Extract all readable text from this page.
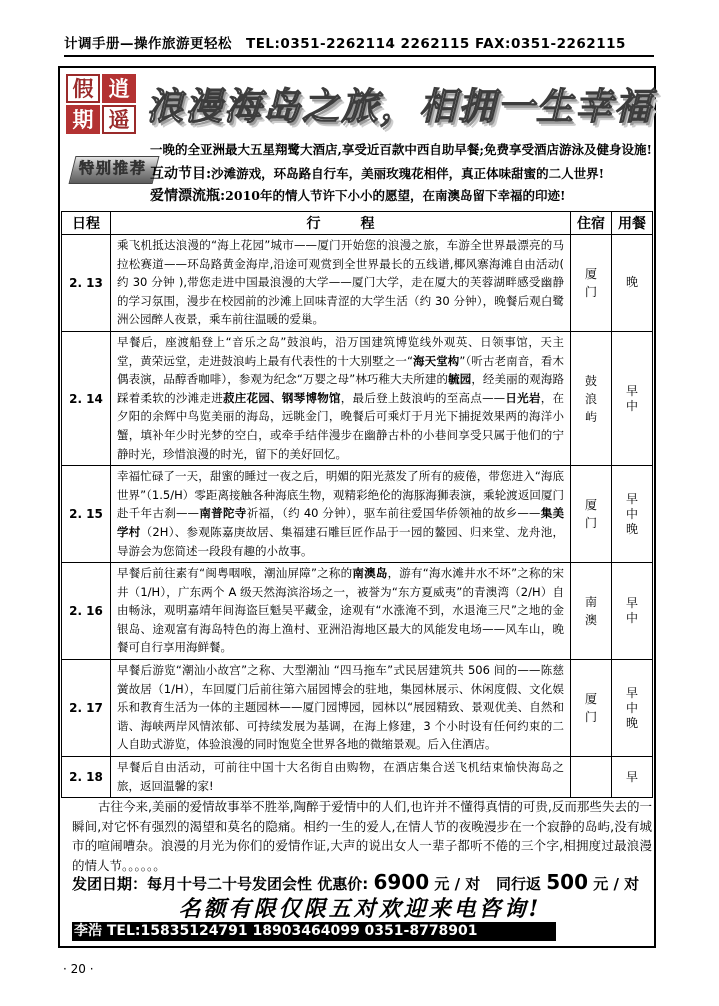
计调手册—操作旅游更轻松 TEL:0351-2262114 2262115 FAX:0351-2262115
假 逍
期 遥 浪漫海岛之旅，相拥一生幸福
特别推荐
一晚的全亚洲最大五星翔鹭大酒店,享受近百款中西自助早餐;免费享受酒店游泳及健身设施!
互动节目:沙滩游戏，环岛路自行车，美丽玫瑰花相伴，真正体味甜蜜的二人世界!
爱情漂流瓶:2010年的情人节许下小小的愿望，在南澳岛留下幸福的印迹!
日程	行程	住宿	用餐
2. 13	乘飞机抵达浪漫的“海上花园”城市——厦门开始您的浪漫之旅，车游全世界最漂亮的马拉松赛道——环岛路黄金海岸,沿途可观赏到全世界最长的五线谱,椰风寨海滩自由活动( 约 30 分钟 ),带您走进中国最浪漫的大学——厦门大学，走在厦大的芙蓉湖畔感受幽静的学习氛围，漫步在校园前的沙滩上回味青涩的大学生活（约 30 分钟），晚餐后观白鹭洲公园醉人夜景，乘车前往温暖的爱巢。	厦门	晚
2. 14	早餐后，座渡船登上“音乐之岛”鼓浪屿，沿万国建筑博览线外观英、日领事馆，天主堂，黄荣远堂，走进鼓浪屿上最有代表性的十大别墅之一“海天堂构”（听古老南音，看木偶表演，品醇香咖啡），参观为纪念“万婴之母”林巧稚大夫所建的毓园，经美丽的观海路踩着柔软的沙滩走进菽庄花园、钢琴博物馆，最后登上鼓浪屿的至高点——日光岩，在夕阳的余辉中鸟览美丽的海岛，远眺金门，晚餐后可乘灯于月光下捕捉效果两的海洋小蟹，填补年少时光梦的空白，或牵手结伴漫步在幽静古朴的小巷间享受只属于他们的宁静时光，珍惜浪漫的时光，留下的美好回忆。	鼓浪屿	早中
2. 15	幸福忙碌了一天，甜蜜的睡过一夜之后，明媚的阳光蒸发了所有的疲倦，带您进入“海底世界”（1.5/H）零距离接触各种海底生物，观精彩绝伦的海豚海狮表演，乘轮渡返回厦门赴千年古刹——南普陀寺祈福，（约 40 分钟），驱车前往爱国华侨领袖的故乡——集美学村（2H）、参观陈嘉庚故居、集福建石雕巨匠作品于一园的鳌园、归来堂、龙舟池，导游会为您简述一段段有趣的小故事。	厦门	早中晚
2. 16	早餐后前往素有“闽粤咽喉，潮汕屏障”之称的南澳岛，游有“海水滩井水不坏”之称的宋井（1/H），广东两个 A 级天然海滨浴场之一，被誉为“东方夏威夷”的青澳湾（2/H）自由畅泳，观明嘉靖年间海盗巨魁吴平藏金，途观有“水涨淹不到，水退淹三尺”之地的金银岛、途观富有海岛特色的海上渔村、亚洲沿海地区最大的风能发电场——风车山，晚餐可自行享用海鲜餐。	南澳	早中
2. 17	早餐后游览“潮汕小故宫”之称、大型潮汕 “四马拖车”式民居建筑共 506 间的——陈慈黉故居（1/H），车回厦门后前往第六届园博会的驻地，集园林展示、休闲度假、文化娱乐和教育生活为一体的主题园林——厦门园博园，园林以“展园精致、景观优美、自然和谐、海峡两岸风情浓郁、可持续发展为基调，在海上修建，3 个小时设有任何约束的二人自助式游览，体验浪漫的同时饱览全世界各地的微缩景观。后入住酒店。	厦门	早中晚
2. 18	早餐后自由活动，可前往中国十大名街自由购物，在酒店集合送飞机结束愉快海岛之旅，返回温馨的家!		早
古往今来,美丽的爱情故事举不胜举,陶醉于爱情中的人们,也许并不懂得真情的可贵,反而那些失去的一瞬间,对它怀有强烈的渴望和莫名的隐痛。相约一生的爱人,在情人节的夜晚漫步在一个寂静的岛屿,没有城市的喧闹嘈杂。浪漫的月光为你们的爱情作证,大声的说出女人一辈子都听不倦的三个字,相拥度过最浪漫的情人节。。。。。。
发团日期：每月十号二十号发团会性 优惠价: 6900 元 / 对 同行返 500 元 / 对
名额有限仅限五对欢迎来电咨询!
李浩 TEL:15835124791 18903464099 0351-8778901
· 20 ·
